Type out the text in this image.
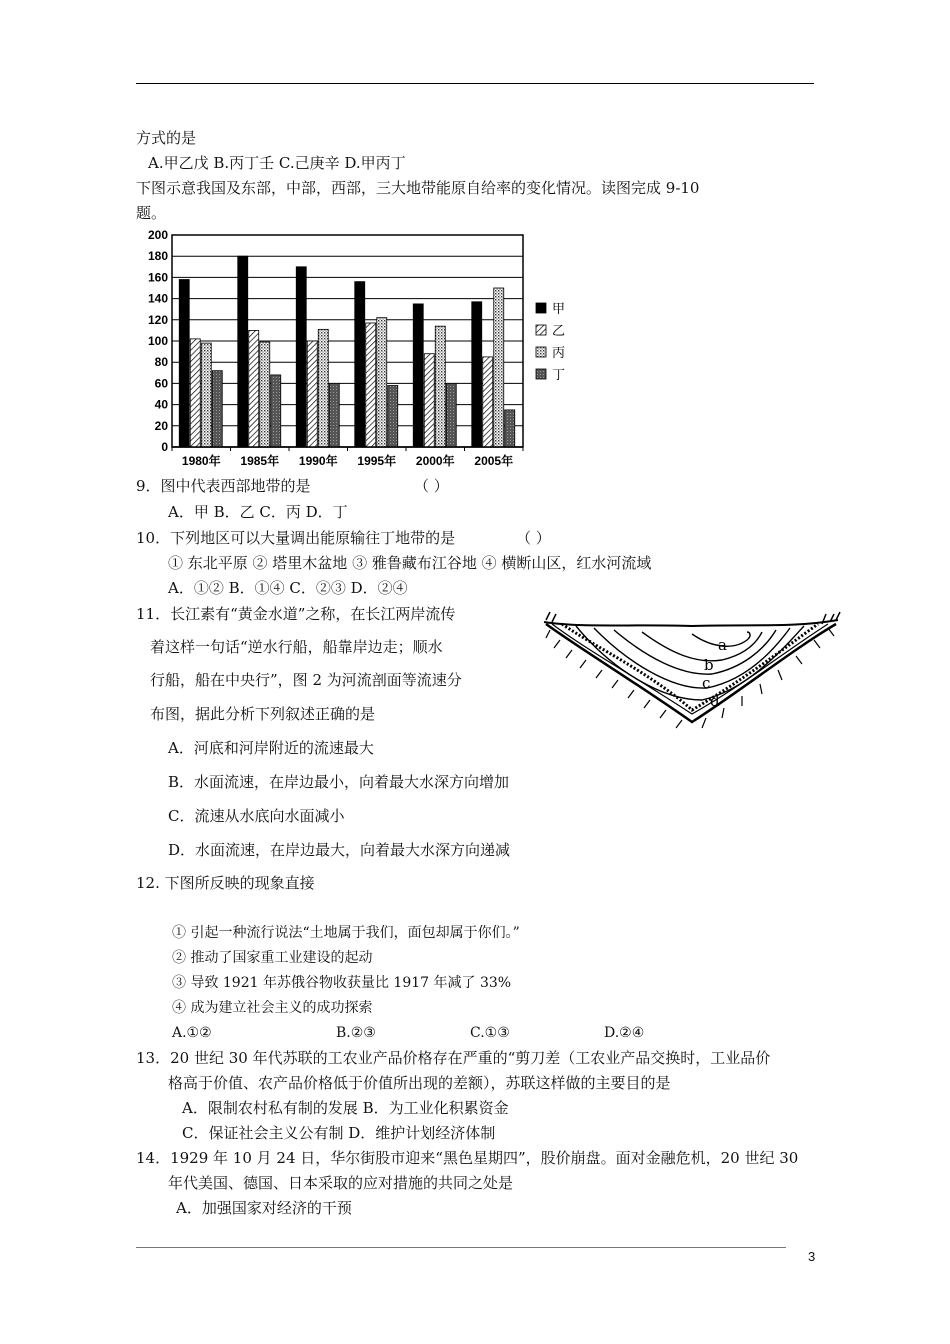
方式的是
A.甲乙戊 B.丙丁壬 C.己庚辛 D.甲丙丁
下图示意我国及东部，中部，西部，三大地带能原自给率的变化情况。读图完成 9-10
题。
200
180
160
140
120
100
80
60
40
20
0
1980年 1985年 1990年 1995年 2000年 2005年
甲
乙
丙
丁
9．图中代表西部地带的是	（ ）
A．甲 B．乙 C．丙 D．丁
10．下列地区可以大量调出能原输往丁地带的是	（ ）
① 东北平原 ② 塔里木盆地 ③ 雅鲁藏布江谷地 ④ 横断山区，红水河流域
A．①② B．①④ C．②③ D．②④
11．长江素有“黄金水道”之称，在长江两岸流传
着这样一句话“逆水行船，船靠岸边走；顺水
行船，船在中央行”，图 2 为河流剖面等流速分
布图，据此分析下列叙述正确的是
A．河底和河岸附近的流速最大
B．水面流速，在岸边最小，向着最大水深方向增加
C．流速从水底向水面减小
D．水面流速，在岸边最大，向着最大水深方向递减
a
b
c
d
12. 下图所反映的现象直接
① 引起一种流行说法“土地属于我们，面包却属于你们。”
② 推动了国家重工业建设的起动
③ 导致 1921 年苏俄谷物收获量比 1917 年减了 33%
④ 成为建立社会主义的成功探索
A.①②	B.②③	C.①③	D.②④
13．20 世纪 30 年代苏联的工农业产品价格存在严重的“剪刀差（工农业产品交换时，工业品价
格高于价值、农产品价格低于价值所出现的差额），苏联这样做的主要目的是
A．限制农村私有制的发展 B．为工业化积累资金
C．保证社会主义公有制 D．维护计划经济体制
14．1929 年 10 月 24 日，华尔街股市迎来“黑色星期四”，股价崩盘。面对金融危机，20 世纪 30
年代美国、德国、日本采取的应对措施的共同之处是
A．加强国家对经济的干预
3
